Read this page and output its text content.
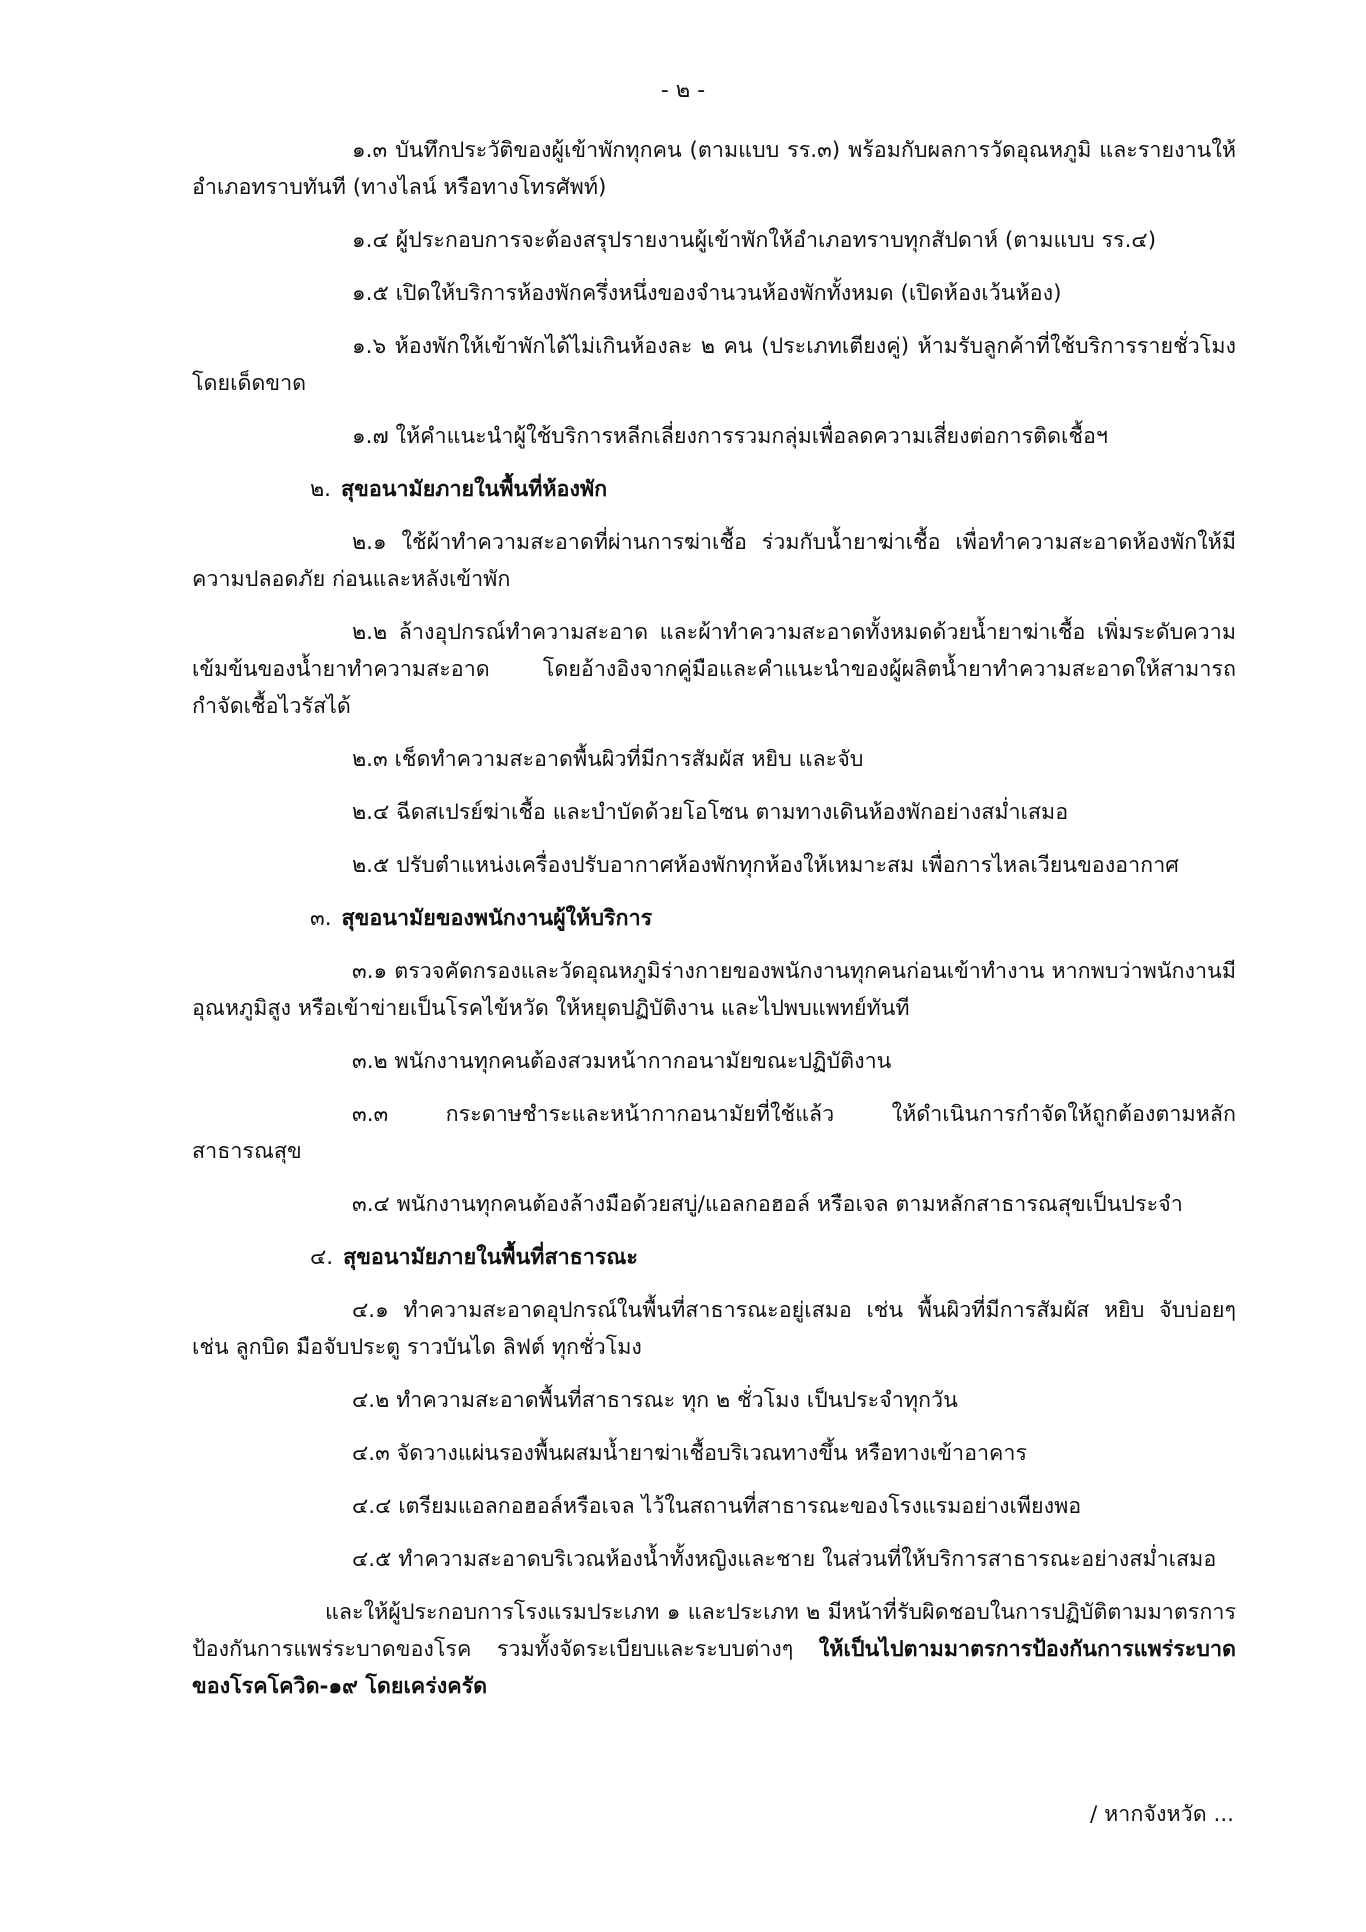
- ๒ -

๑.๓ บันทึกประวัติของผู้เข้าพักทุกคน (ตามแบบ รร.๓) พร้อมกับผลการวัดอุณหภูมิ และรายงานให้อำเภอทราบทันที (ทางไลน์ หรือทางโทรศัพท์)

๑.๔ ผู้ประกอบการจะต้องสรุปรายงานผู้เข้าพักให้อำเภอทราบทุกสัปดาห์ (ตามแบบ รร.๔)

๑.๕ เปิดให้บริการห้องพักครึ่งหนึ่งของจำนวนห้องพักทั้งหมด (เปิดห้องเว้นห้อง)

๑.๖ ห้องพักให้เข้าพักได้ไม่เกินห้องละ ๒ คน (ประเภทเตียงคู่) ห้ามรับลูกค้าที่ใช้บริการรายชั่วโมงโดยเด็ดขาด

๑.๗ ให้คำแนะนำผู้ใช้บริการหลีกเลี่ยงการรวมกลุ่มเพื่อลดความเสี่ยงต่อการติดเชื้อฯ

๒. สุขอนามัยภายในพื้นที่ห้องพัก

๒.๑ ใช้ผ้าทำความสะอาดที่ผ่านการฆ่าเชื้อ ร่วมกับน้ำยาฆ่าเชื้อ เพื่อทำความสะอาดห้องพักให้มีความปลอดภัย ก่อนและหลังเข้าพัก

๒.๒ ล้างอุปกรณ์ทำความสะอาด และผ้าทำความสะอาดทั้งหมดด้วยน้ำยาฆ่าเชื้อ เพิ่มระดับความเข้มข้นของน้ำยาทำความสะอาด โดยอ้างอิงจากคู่มือและคำแนะนำของผู้ผลิตน้ำยาทำความสะอาดให้สามารถกำจัดเชื้อไวรัสได้

๒.๓ เช็ดทำความสะอาดพื้นผิวที่มีการสัมผัส หยิบ และจับ

๒.๔ ฉีดสเปรย์ฆ่าเชื้อ และบำบัดด้วยโอโซน ตามทางเดินห้องพักอย่างสม่ำเสมอ

๒.๕ ปรับตำแหน่งเครื่องปรับอากาศห้องพักทุกห้องให้เหมาะสม เพื่อการไหลเวียนของอากาศ

๓. สุขอนามัยของพนักงานผู้ให้บริการ

๓.๑ ตรวจคัดกรองและวัดอุณหภูมิร่างกายของพนักงานทุกคนก่อนเข้าทำงาน หากพบว่าพนักงานมีอุณหภูมิสูง หรือเข้าข่ายเป็นโรคไข้หวัด ให้หยุดปฏิบัติงาน และไปพบแพทย์ทันที

๓.๒ พนักงานทุกคนต้องสวมหน้ากากอนามัยขณะปฏิบัติงาน

๓.๓ กระดาษชำระและหน้ากากอนามัยที่ใช้แล้ว ให้ดำเนินการกำจัดให้ถูกต้องตามหลักสาธารณสุข

๓.๔ พนักงานทุกคนต้องล้างมือด้วยสบู่/แอลกอฮอล์ หรือเจล ตามหลักสาธารณสุขเป็นประจำ

๔. สุขอนามัยภายในพื้นที่สาธารณะ

๔.๑ ทำความสะอาดอุปกรณ์ในพื้นที่สาธารณะอยู่เสมอ เช่น พื้นผิวที่มีการสัมผัส หยิบ จับบ่อยๆ เช่น ลูกบิด มือจับประตู ราวบันได ลิฟต์ ทุกชั่วโมง

๔.๒ ทำความสะอาดพื้นที่สาธารณะ ทุก ๒ ชั่วโมง เป็นประจำทุกวัน

๔.๓ จัดวางแผ่นรองพื้นผสมน้ำยาฆ่าเชื้อบริเวณทางขึ้น หรือทางเข้าอาคาร

๔.๔ เตรียมแอลกอฮอล์หรือเจล ไว้ในสถานที่สาธารณะของโรงแรมอย่างเพียงพอ

๔.๕ ทำความสะอาดบริเวณห้องน้ำทั้งหญิงและชาย ในส่วนที่ให้บริการสาธารณะอย่างสม่ำเสมอ

และให้ผู้ประกอบการโรงแรมประเภท ๑ และประเภท ๒ มีหน้าที่รับผิดชอบในการปฏิบัติตามมาตรการป้องกันการแพร่ระบาดของโรค รวมทั้งจัดระเบียบและระบบต่างๆ ให้เป็นไปตามมาตรการป้องกันการแพร่ระบาดของโรคโควิด-๑๙ โดยเคร่งครัด

/ หากจังหวัด ...
